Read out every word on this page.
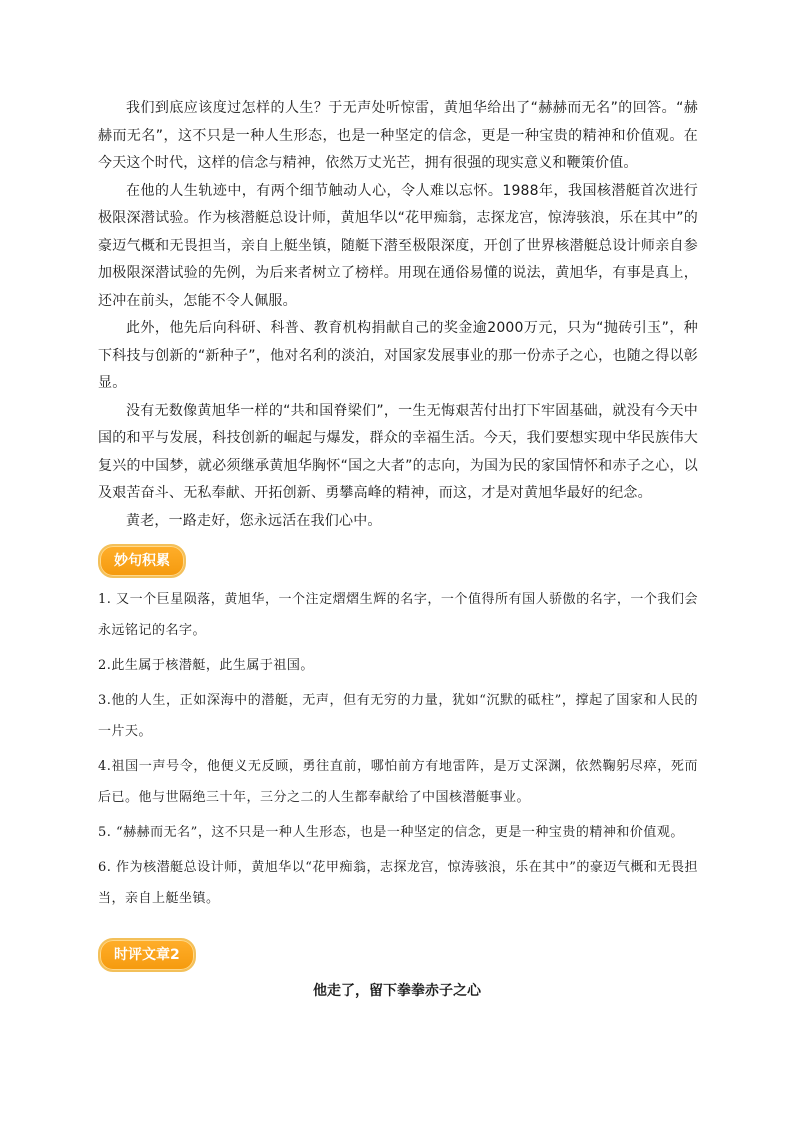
我们到底应该度过怎样的人生？于无声处听惊雷，黄旭华给出了“赫赫而无名”的回答。“赫赫而无名”，这不只是一种人生形态，也是一种坚定的信念，更是一种宝贵的精神和价值观。在今天这个时代，这样的信念与精神，依然万丈光芒，拥有很强的现实意义和鞭策价值。

在他的人生轨迹中，有两个细节触动人心，令人难以忘怀。1988年，我国核潜艇首次进行极限深潜试验。作为核潜艇总设计师，黄旭华以“花甲痴翁，志探龙宫，惊涛骇浪，乐在其中”的豪迈气概和无畏担当，亲自上艇坐镇，随艇下潜至极限深度，开创了世界核潜艇总设计师亲自参加极限深潜试验的先例，为后来者树立了榜样。用现在通俗易懂的说法，黄旭华，有事是真上，还冲在前头，怎能不令人佩服。

此外，他先后向科研、科普、教育机构捐献自己的奖金逾2000万元，只为“抛砖引玉”，种下科技与创新的“新种子”，他对名利的淡泊，对国家发展事业的那一份赤子之心，也随之得以彰显。

没有无数像黄旭华一样的“共和国脊梁们”，一生无悔艰苦付出打下牢固基础，就没有今天中国的和平与发展，科技创新的崛起与爆发，群众的幸福生活。今天，我们要想实现中华民族伟大复兴的中国梦，就必须继承黄旭华胸怀“国之大者”的志向，为国为民的家国情怀和赤子之心，以及艰苦奋斗、无私奉献、开拓创新、勇攀高峰的精神，而这，才是对黄旭华最好的纪念。

黄老，一路走好，您永远活在我们心中。

妙句积累

1. 又一个巨星陨落，黄旭华，一个注定熠熠生辉的名字，一个值得所有国人骄傲的名字，一个我们会永远铭记的名字。

2.此生属于核潜艇，此生属于祖国。

3.他的人生，正如深海中的潜艇，无声，但有无穷的力量，犹如“沉默的砥柱”，撑起了国家和人民的一片天。

4.祖国一声号令，他便义无反顾，勇往直前，哪怕前方有地雷阵，是万丈深渊，依然鞠躬尽瘁，死而后已。他与世隔绝三十年，三分之二的人生都奉献给了中国核潜艇事业。

5. “赫赫而无名”，这不只是一种人生形态，也是一种坚定的信念，更是一种宝贵的精神和价值观。

6. 作为核潜艇总设计师，黄旭华以“花甲痴翁，志探龙宫，惊涛骇浪，乐在其中”的豪迈气概和无畏担当，亲自上艇坐镇。

时评文章2
他走了，留下拳拳赤子之心
